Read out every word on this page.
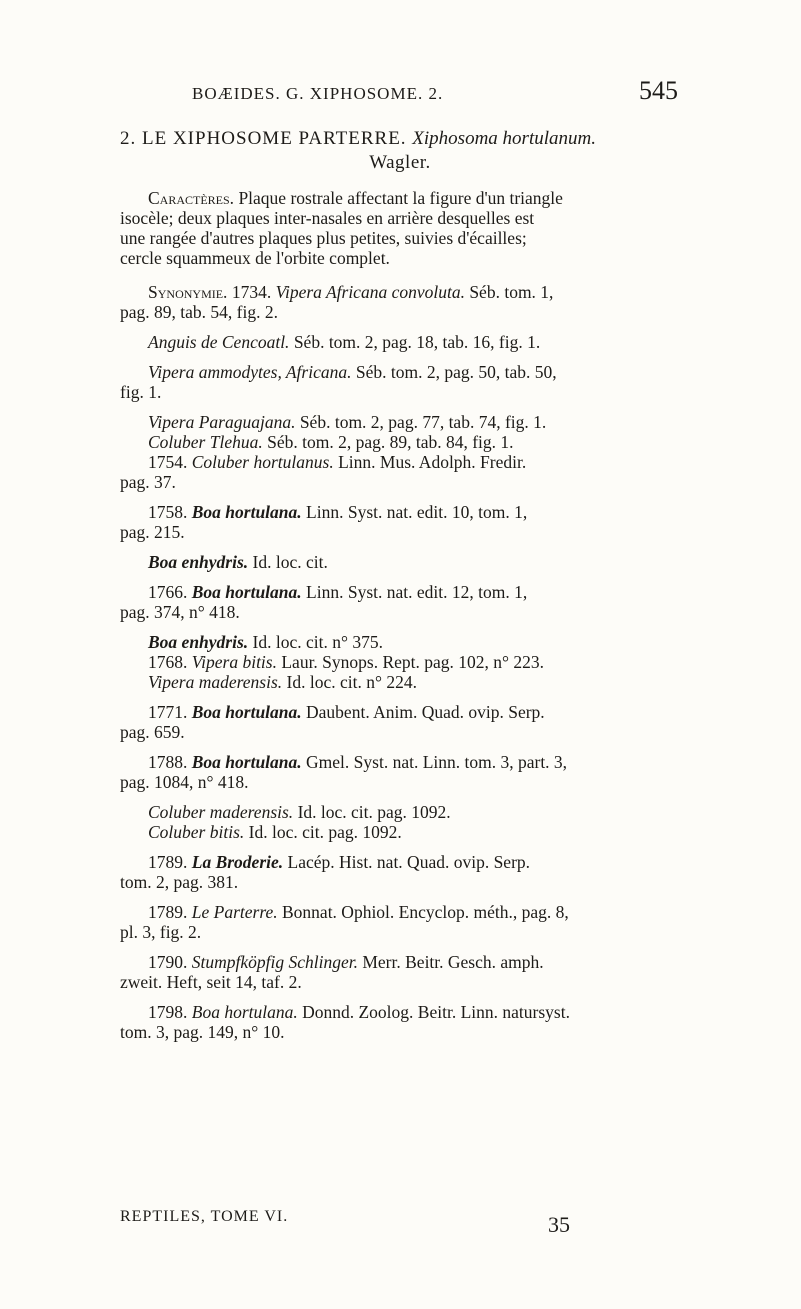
BOÆIDES. G. XIPHOSOME. 2.	545
2. LE XIPHOSOME PARTERRE. Xiphosoma hortulanum.
Wagler.
Caractères. Plaque rostrale affectant la figure d'un triangle
isocèle; deux plaques inter-nasales en arrière desquelles est
une rangée d'autres plaques plus petites, suivies d'écailles;
cercle squammeux de l'orbite complet.
Synonymie. 1734. Vipera Africana convoluta. Séb. tom. 1,
pag. 89, tab. 54, fig. 2.
Anguis de Cencoatl. Séb. tom. 2, pag. 18, tab. 16, fig. 1.
Vipera ammodytes, Africana. Séb. tom. 2, pag. 50, tab. 50,
fig. 1.
Vipera Paraguajana. Séb. tom. 2, pag. 77, tab. 74, fig. 1.
Coluber Tlehua. Séb. tom. 2, pag. 89, tab. 84, fig. 1.
1754. Coluber hortulanus. Linn. Mus. Adolph. Fredir.
pag. 37.
1758. Boa hortulana. Linn. Syst. nat. edit. 10, tom. 1,
pag. 215.
Boa enhydris. Id. loc. cit.
1766. Boa hortulana. Linn. Syst. nat. edit. 12, tom. 1,
pag. 374, n° 418.
Boa enhydris. Id. loc. cit. n° 375.
1768. Vipera bitis. Laur. Synops. Rept. pag. 102, n° 223.
Vipera maderensis. Id. loc. cit. n° 224.
1771. Boa hortulana. Daubent. Anim. Quad. ovip. Serp.
pag. 659.
1788. Boa hortulana. Gmel. Syst. nat. Linn. tom. 3, part. 3,
pag. 1084, n° 418.
Coluber maderensis. Id. loc. cit. pag. 1092.
Coluber bitis. Id. loc. cit. pag. 1092.
1789. La Broderie. Lacép. Hist. nat. Quad. ovip. Serp.
tom. 2, pag. 381.
1789. Le Parterre. Bonnat. Ophiol. Encyclop. méth., pag. 8,
pl. 3, fig. 2.
1790. Stumpfköpfig Schlinger. Merr. Beitr. Gesch. amph.
zweit. Heft, seit 14, taf. 2.
1798. Boa hortulana. Donnd. Zoolog. Beitr. Linn. natursyst.
tom. 3, pag. 149, n° 10.
REPTILES, TOME VI.	35
